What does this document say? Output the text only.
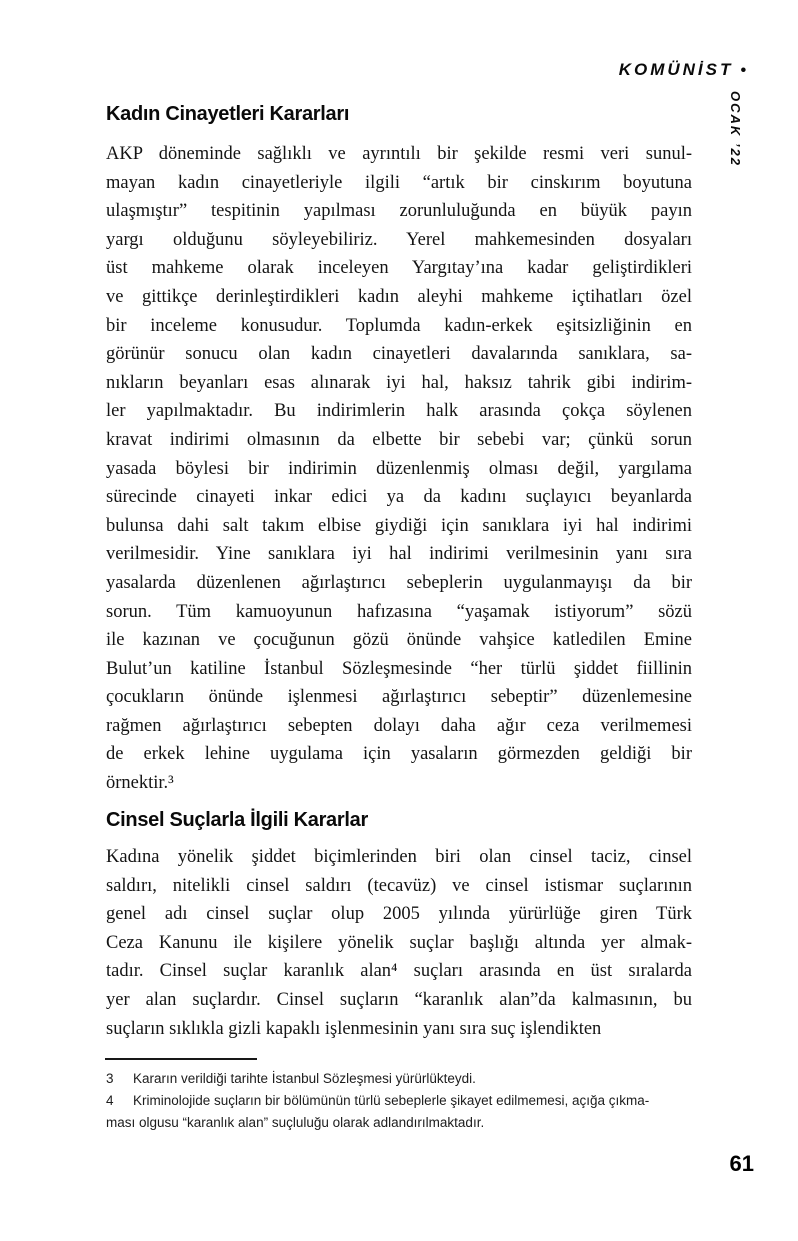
KOMÜNİST •
OCAK ’22
Kadın Cinayetleri Kararları
AKP döneminde sağlıklı ve ayrıntılı bir şekilde resmi veri sunul-
mayan kadın cinayetleriyle ilgili “artık bir cinskırım boyutuna
ulaşmıştır” tespitinin yapılması zorunluluğunda en büyük payın
yargı olduğunu söyleyebiliriz. Yerel mahkemesinden dosyaları
üst mahkeme olarak inceleyen Yargıtay’ına kadar geliştirdikleri
ve gittikçe derinleştirdikleri kadın aleyhi mahkeme içtihatları özel
bir inceleme konusudur. Toplumda kadın-erkek eşitsizliğinin en
görünür sonucu olan kadın cinayetleri davalarında sanıklara, sa-
nıkların beyanları esas alınarak iyi hal, haksız tahrik gibi indirim-
ler yapılmaktadır. Bu indirimlerin halk arasında çokça söylenen
kravat indirimi olmasının da elbette bir sebebi var; çünkü sorun
yasada böylesi bir indirimin düzenlenmiş olması değil, yargılama
sürecinde cinayeti inkar edici ya da kadını suçlayıcı beyanlarda
bulunsa dahi salt takım elbise giydiği için sanıklara iyi hal indirimi
verilmesidir. Yine sanıklara iyi hal indirimi verilmesinin yanı sıra
yasalarda düzenlenen ağırlaştırıcı sebeplerin uygulanmayışı da bir
sorun. Tüm kamuoyunun hafızasına “yaşamak istiyorum” sözü
ile kazınan ve çocuğunun gözü önünde vahşice katledilen Emine
Bulut’un katiline İstanbul Sözleşmesinde “her türlü şiddet fiillinin
çocukların önünde işlenmesi ağırlaştırıcı sebeptir” düzenlemesine
rağmen ağırlaştırıcı sebepten dolayı daha ağır ceza verilmemesi
de erkek lehine uygulama için yasaların görmezden geldiği bir
örnektir.³
Cinsel Suçlarla İlgili Kararlar
Kadına yönelik şiddet biçimlerinden biri olan cinsel taciz, cinsel
saldırı, nitelikli cinsel saldırı (tecavüz) ve cinsel istismar suçlarının
genel adı cinsel suçlar olup 2005 yılında yürürlüğe giren Türk
Ceza Kanunu ile kişilere yönelik suçlar başlığı altında yer almak-
tadır. Cinsel suçlar karanlık alan⁴ suçları arasında en üst sıralarda
yer alan suçlardır. Cinsel suçların “karanlık alan”da kalmasının, bu
suçların sıklıkla gizli kapaklı işlenmesinin yanı sıra suç işlendikten
3 Kararın verildiği tarihte İstanbul Sözleşmesi yürürlükteydi.
4 Kriminolojide suçların bir bölümünün türlü sebeplerle şikayet edilmemesi, açığa çıkma-
ması olgusu “karanlık alan” suçluluğu olarak adlandırılmaktadır.
61
